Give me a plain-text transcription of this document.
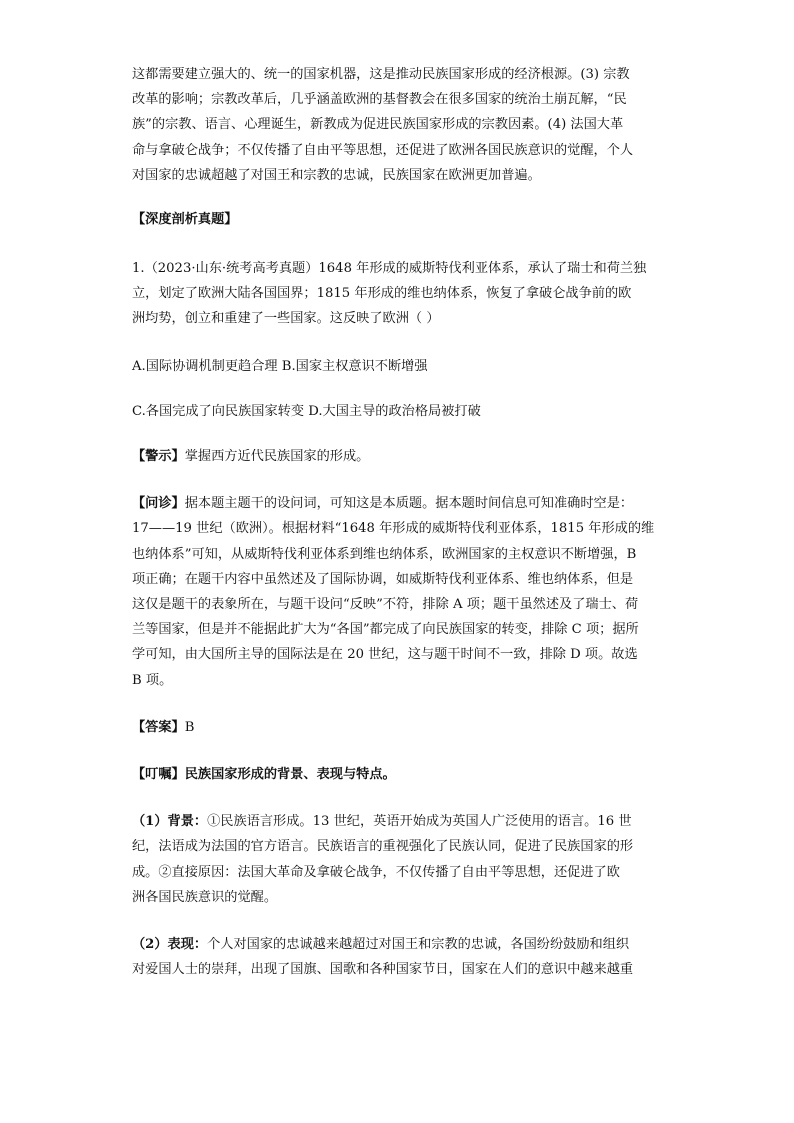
这都需要建立强大的、统一的国家机器，这是推动民族国家形成的经济根源。(3) 宗教
改革的影响；宗教改革后，几乎涵盖欧洲的基督教会在很多国家的统治土崩瓦解，“民
族”的宗教、语言、心理诞生，新教成为促进民族国家形成的宗教因素。(4) 法国大革
命与拿破仑战争；不仅传播了自由平等思想，还促进了欧洲各国民族意识的觉醒，个人
对国家的忠诚超越了对国王和宗教的忠诚，民族国家在欧洲更加普遍。

【深度剖析真题】

1.（2023·山东·统考高考真题）1648 年形成的威斯特伐利亚体系，承认了瑞士和荷兰独
立，划定了欧洲大陆各国国界；1815 年形成的维也纳体系，恢复了拿破仑战争前的欧
洲均势，创立和重建了一些国家。这反映了欧洲（ ）

A.国际协调机制更趋合理 B.国家主权意识不断增强

C.各国完成了向民族国家转变 D.大国主导的政治格局被打破

【警示】掌握西方近代民族国家的形成。

【问诊】据本题主题干的设问词，可知这是本质题。据本题时间信息可知准确时空是：
17——19 世纪（欧洲）。根据材料“1648 年形成的威斯特伐利亚体系，1815 年形成的维
也纳体系”可知，从威斯特伐利亚体系到维也纳体系，欧洲国家的主权意识不断增强，B
项正确；在题干内容中虽然述及了国际协调，如威斯特伐利亚体系、维也纳体系，但是
这仅是题干的表象所在，与题干设问“反映”不符，排除 A 项；题干虽然述及了瑞士、荷
兰等国家，但是并不能据此扩大为“各国”都完成了向民族国家的转变，排除 C 项；据所
学可知，由大国所主导的国际法是在 20 世纪，这与题干时间不一致，排除 D 项。故选
B 项。

【答案】B

【叮嘱】民族国家形成的背景、表现与特点。

（1）背景：①民族语言形成。13 世纪，英语开始成为英国人广泛使用的语言。16 世
纪，法语成为法国的官方语言。民族语言的重视强化了民族认同，促进了民族国家的形
成。②直接原因：法国大革命及拿破仑战争，不仅传播了自由平等思想，还促进了欧
洲各国民族意识的觉醒。

（2）表现：个人对国家的忠诚越来越超过对国王和宗教的忠诚，各国纷纷鼓励和组织
对爱国人士的崇拜，出现了国旗、国歌和各种国家节日，国家在人们的意识中越来越重
